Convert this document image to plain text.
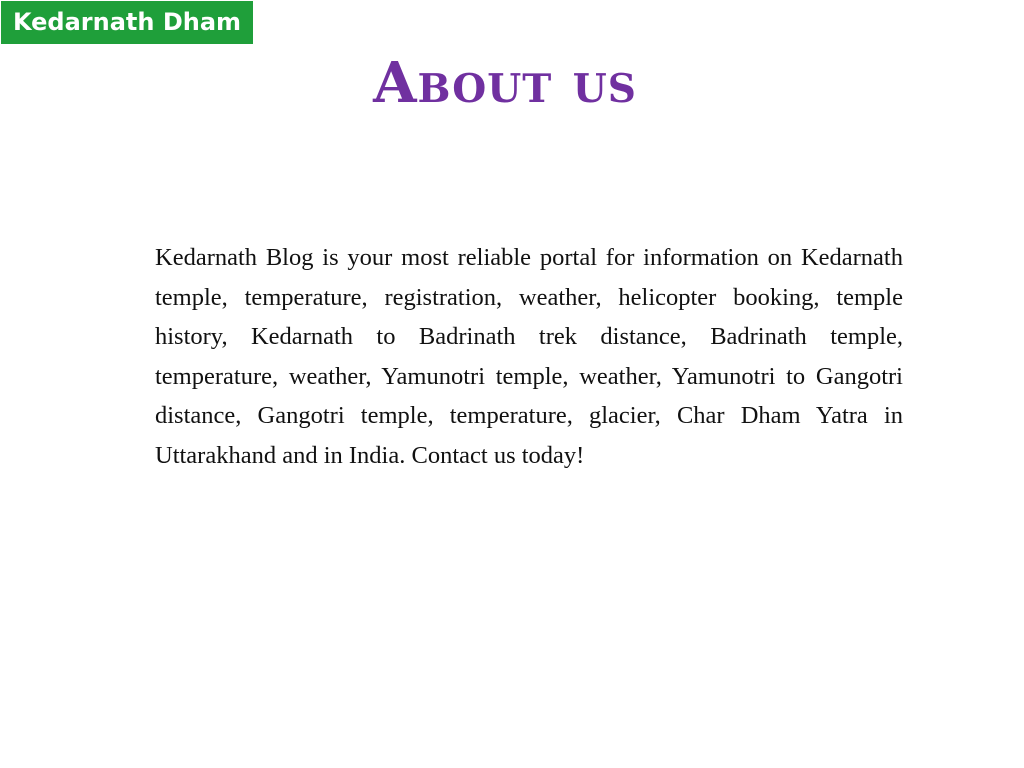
Kedarnath Dham
About us

Kedarnath Blog is your most reliable portal for information on Kedarnath temple, temperature, registration, weather, helicopter booking, temple history, Kedarnath to Badrinath trek distance, Badrinath temple, temperature, weather, Yamunotri temple, weather, Yamunotri to Gangotri distance, Gangotri temple, temperature, glacier, Char Dham Yatra in Uttarakhand and in India. Contact us today!
